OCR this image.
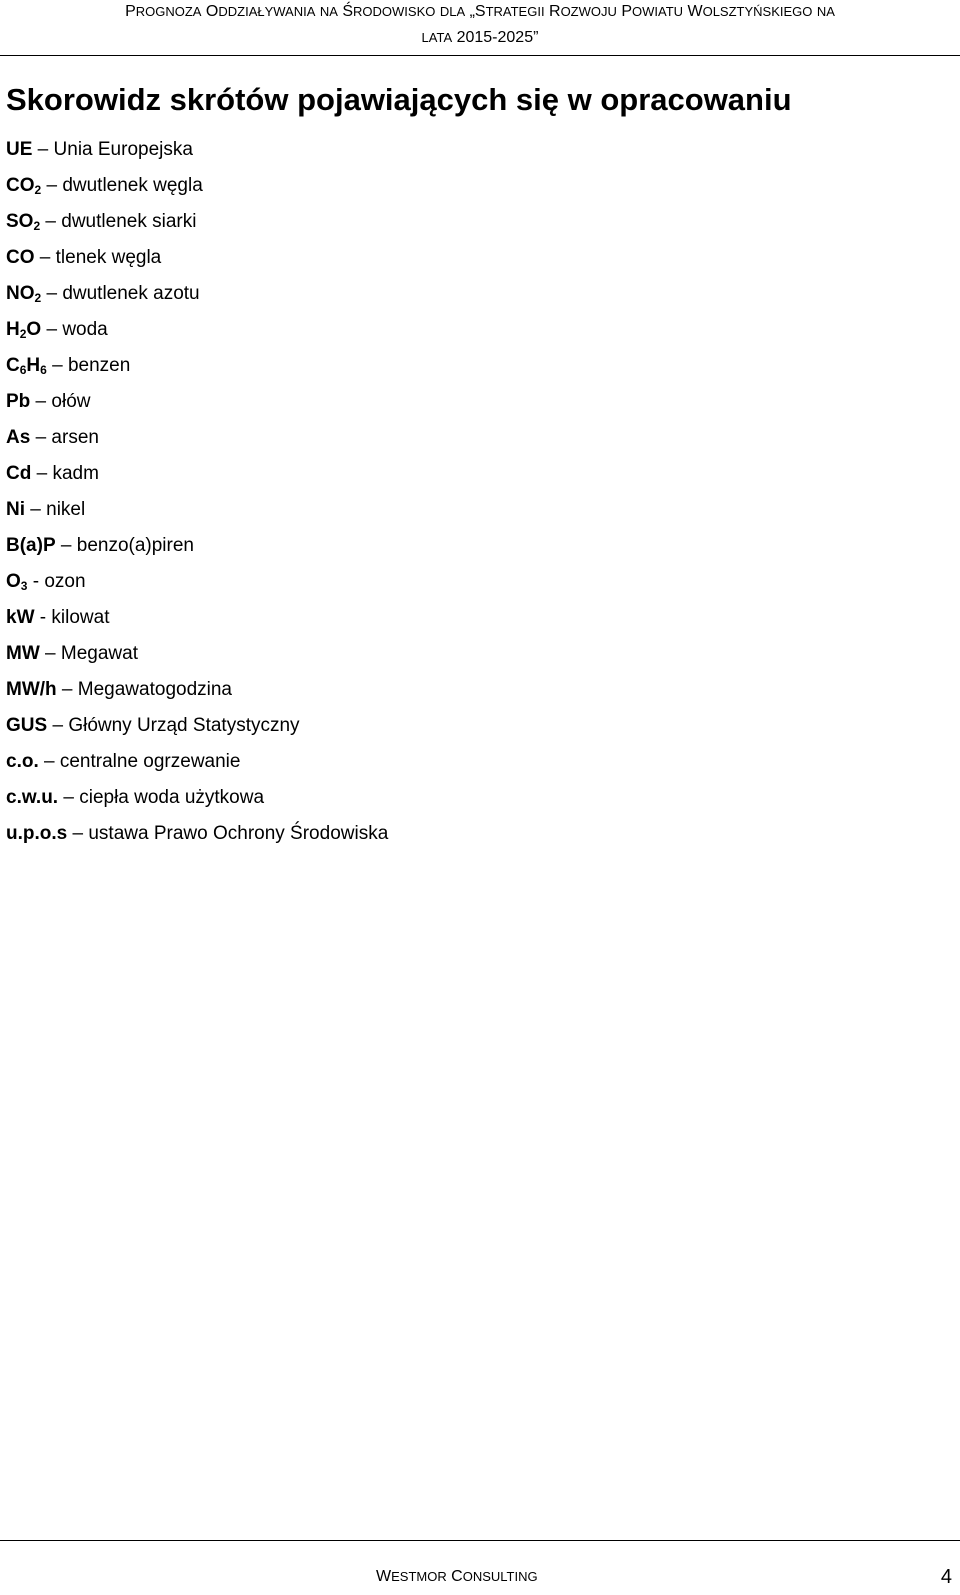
PROGNOZA ODDZIAŁYWANIA NA ŚRODOWISKO DLA „STRATEGII ROZWOJU POWIATU WOLSZTYŃSKIEGO NA
LATA 2015-2025”
Skorowidz skrótów pojawiających się w opracowaniu
UE – Unia Europejska
$CO_2$ – dwutlenek węgla
$SO_2$ – dwutlenek siarki
CO – tlenek węgla
$NO_2$ – dwutlenek azotu
$H_2O$ – woda
$C_6H_6$ – benzen
Pb – ołów
As – arsen
Cd – kadm
Ni – nikel
B(a)P – benzo(a)piren
$O_3$ - ozon
kW - kilowat
MW – Megawat
MW/h – Megawatogodzina
GUS – Główny Urząd Statystyczny
c.o. – centralne ogrzewanie
c.w.u. – ciepła woda użytkowa
u.p.o.s – ustawa Prawo Ochrony Środowiska
WESTMOR CONSULTING	4
